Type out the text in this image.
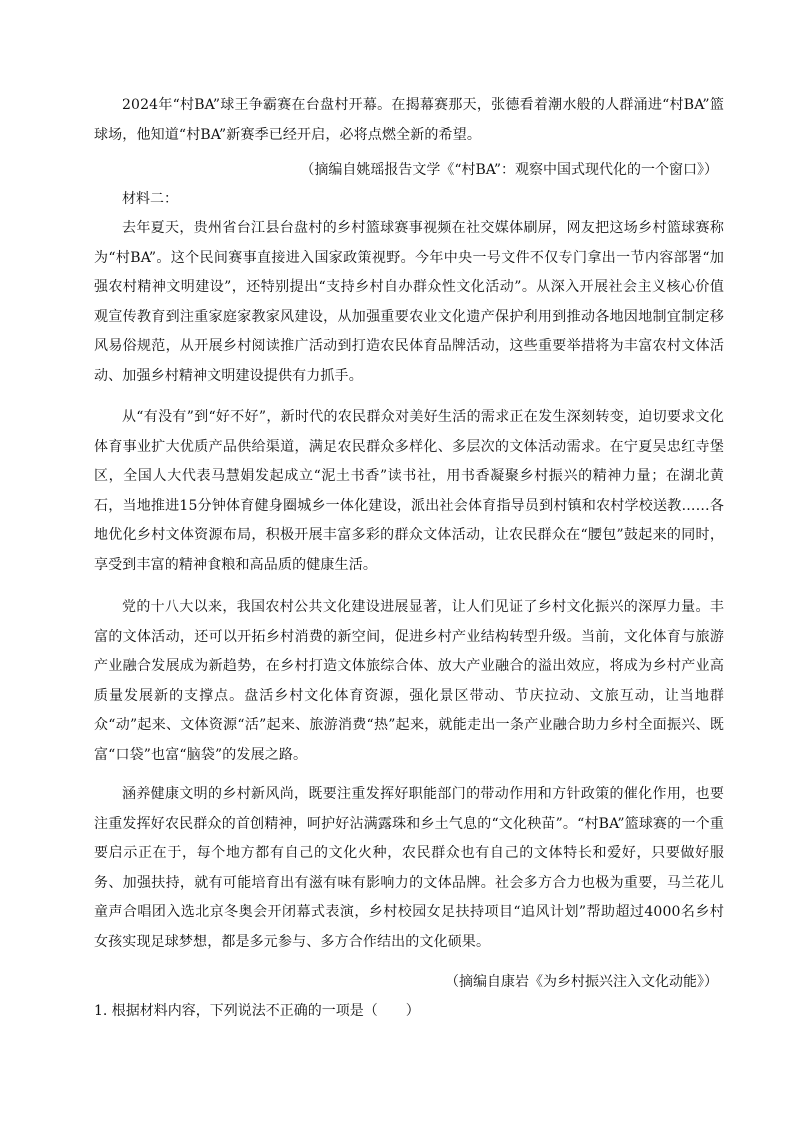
2024年“村BA”球王争霸赛在台盘村开幕。在揭幕赛那天，张德看着潮水般的人群涌进“村BA”篮球场，他知道“村BA”新赛季已经开启，必将点燃全新的希望。

（摘编自姚瑶报告文学《“村BA”：观察中国式现代化的一个窗口》）

材料二：

去年夏天，贵州省台江县台盘村的乡村篮球赛事视频在社交媒体刷屏，网友把这场乡村篮球赛称为“村BA”。这个民间赛事直接进入国家政策视野。今年中央一号文件不仅专门拿出一节内容部署“加强农村精神文明建设”，还特别提出“支持乡村自办群众性文化活动”。从深入开展社会主义核心价值观宣传教育到注重家庭家教家风建设，从加强重要农业文化遗产保护利用到推动各地因地制宜制定移风易俗规范，从开展乡村阅读推广活动到打造农民体育品牌活动，这些重要举措将为丰富农村文体活动、加强乡村精神文明建设提供有力抓手。

从“有没有”到“好不好”，新时代的农民群众对美好生活的需求正在发生深刻转变，迫切要求文化体育事业扩大优质产品供给渠道，满足农民群众多样化、多层次的文体活动需求。在宁夏吴忠红寺堡区，全国人大代表马慧娟发起成立“泥土书香”读书社，用书香凝聚乡村振兴的精神力量；在湖北黄石，当地推进15分钟体育健身圈城乡一体化建设，派出社会体育指导员到村镇和农村学校送教……各地优化乡村文体资源布局，积极开展丰富多彩的群众文体活动，让农民群众在“腰包”鼓起来的同时，享受到丰富的精神食粮和高品质的健康生活。

党的十八大以来，我国农村公共文化建设进展显著，让人们见证了乡村文化振兴的深厚力量。丰富的文体活动，还可以开拓乡村消费的新空间，促进乡村产业结构转型升级。当前，文化体育与旅游产业融合发展成为新趋势，在乡村打造文体旅综合体、放大产业融合的溢出效应，将成为乡村产业高质量发展新的支撑点。盘活乡村文化体育资源，强化景区带动、节庆拉动、文旅互动，让当地群众“动”起来、文体资源“活”起来、旅游消费“热”起来，就能走出一条产业融合助力乡村全面振兴、既富“口袋”也富“脑袋”的发展之路。

涵养健康文明的乡村新风尚，既要注重发挥好职能部门的带动作用和方针政策的催化作用，也要注重发挥好农民群众的首创精神，呵护好沾满露珠和乡土气息的“文化秧苗”。“村BA”篮球赛的一个重要启示正在于，每个地方都有自己的文化火种，农民群众也有自己的文体特长和爱好，只要做好服务、加强扶持，就有可能培育出有滋有味有影响力的文体品牌。社会多方合力也极为重要，马兰花儿童声合唱团入选北京冬奥会开闭幕式表演，乡村校园女足扶持项目“追风计划”帮助超过4000名乡村女孩实现足球梦想，都是多元参与、多方合作结出的文化硕果。

（摘编自康岩《为乡村振兴注入文化动能》）

1. 根据材料内容，下列说法不正确的一项是（　　）
